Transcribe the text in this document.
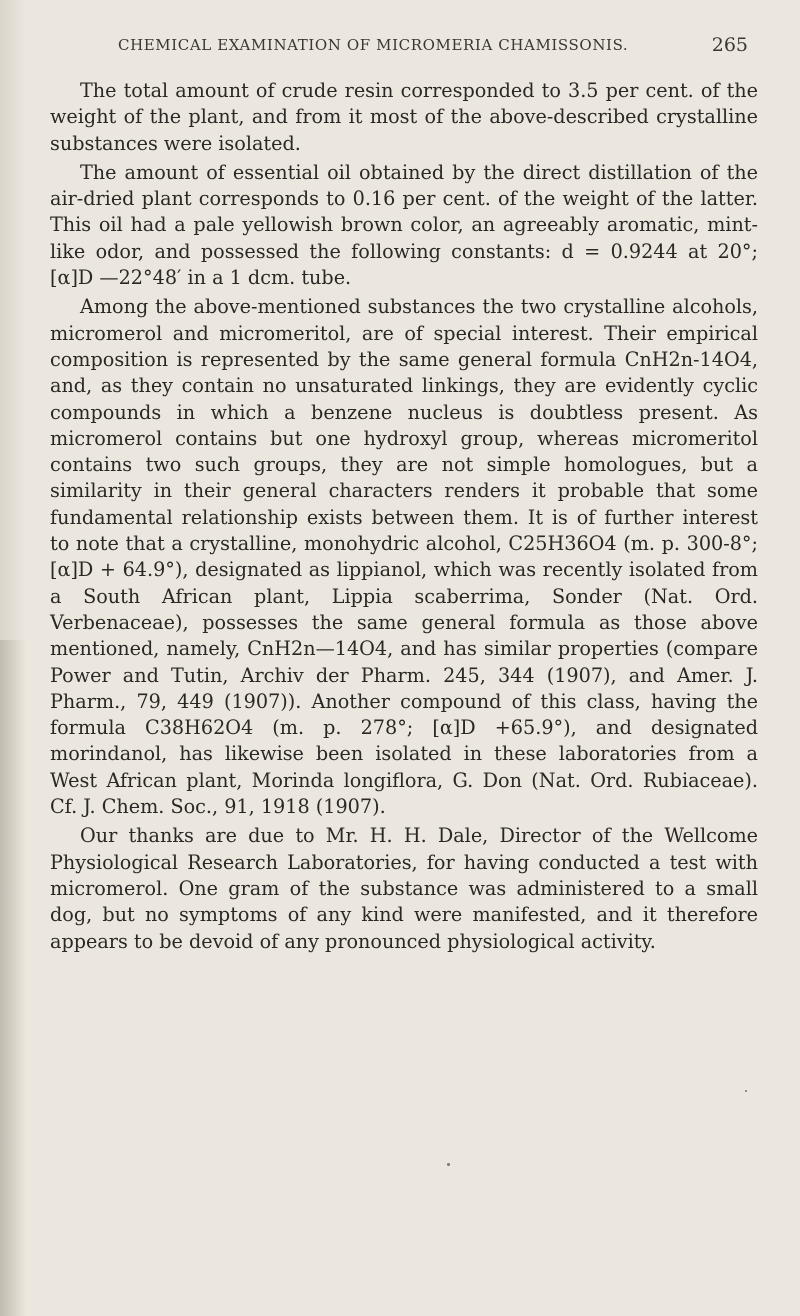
CHEMICAL EXAMINATION OF MICROMERIA CHAMISSONIS.	265

The total amount of crude resin corresponded to 3.5 per cent. of the weight of the plant, and from it most of the above-described crystalline substances were isolated.

The amount of essential oil obtained by the direct distillation of the air-dried plant corresponds to 0.16 per cent. of the weight of the latter. This oil had a pale yellowish brown color, an agreeably aromatic, mint-like odor, and possessed the following constants: d = 0.9244 at 20°; [α]D —22°48′ in a 1 dcm. tube.

Among the above-mentioned substances the two crystalline alcohols, micromerol and micromeritol, are of special interest. Their empirical composition is represented by the same general formula CnH2n-14O4, and, as they contain no unsaturated linkings, they are evidently cyclic compounds in which a benzene nucleus is doubtless present. As micromerol contains but one hydroxyl group, whereas micromeritol contains two such groups, they are not simple homologues, but a similarity in their general characters renders it probable that some fundamental relationship exists between them. It is of further interest to note that a crystalline, monohydric alcohol, C25H36O4 (m. p. 300-8°; [α]D + 64.9°), designated as lippianol, which was recently isolated from a South African plant, Lippia scaberrima, Sonder (Nat. Ord. Verbenaceae), possesses the same general formula as those above mentioned, namely, CnH2n—14O4, and has similar properties (compare Power and Tutin, Archiv der Pharm. 245, 344 (1907), and Amer. J. Pharm., 79, 449 (1907)). Another compound of this class, having the formula C38H62O4 (m. p. 278°; [α]D +65.9°), and designated morindanol, has likewise been isolated in these laboratories from a West African plant, Morinda longiflora, G. Don (Nat. Ord. Rubiaceae). Cf. J. Chem. Soc., 91, 1918 (1907).

Our thanks are due to Mr. H. H. Dale, Director of the Wellcome Physiological Research Laboratories, for having conducted a test with micromerol. One gram of the substance was administered to a small dog, but no symptoms of any kind were manifested, and it therefore appears to be devoid of any pronounced physiological activity.
